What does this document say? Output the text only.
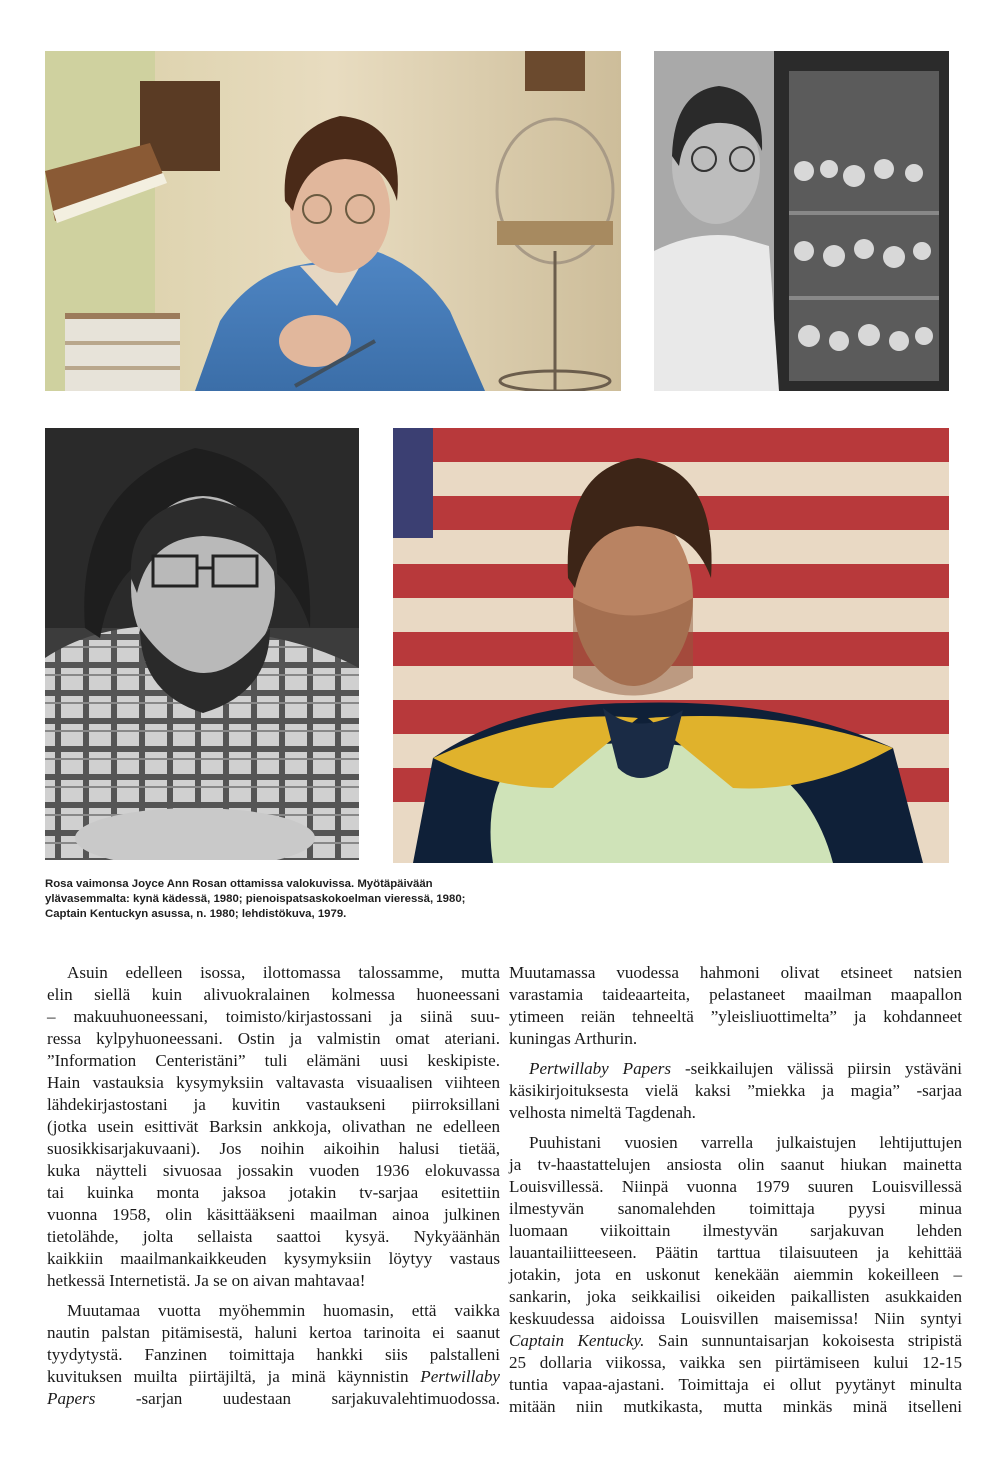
Rosa vaimonsa Joyce Ann Rosan ottamissa valokuvissa. Myötäpäivään
ylävasemmalta: kynä kädessä, 1980; pienoispatsaskokoelman vieressä, 1980;
Captain Kentuckyn asussa, n. 1980; lehdistökuva, 1979.

Asuin edelleen isossa, ilottomassa talossamme, mutta
elin siellä kuin alivuokralainen kolmessa huoneessani
– makuuhuoneessani, toimisto/kirjastossani ja siinä suu-
ressa kylpyhuoneessani. Ostin ja valmistin omat ateriani.
”Information Centeristäni” tuli elämäni uusi keskipiste.
Hain vastauksia kysymyksiin valtavasta visuaalisen viihteen
lähdekirjastostani ja kuvitin vastaukseni piirroksillani
(jotka usein esittivät Barksin ankkoja, olivathan ne edelleen
suosikkisarjakuvaani). Jos noihin aikoihin halusi tietää,
kuka näytteli sivuosaa jossakin vuoden 1936 elokuvassa
tai kuinka monta jaksoa jotakin tv-sarjaa esitettiin
vuonna 1958, olin käsittääkseni maailman ainoa julkinen
tietolähde, jolta sellaista saattoi kysyä. Nykyäänhän
kaikkiin maailmankaikkeuden kysymyksiin löytyy vastaus
hetkessä Internetistä. Ja se on aivan mahtavaa!

Muutamaa vuotta myöhemmin huomasin, että vaikka
nautin palstan pitämisestä, haluni kertoa tarinoita ei saanut
tyydytystä. Fanzinen toimittaja hankki siis palstalleni
kuvituksen muilta piirtäjiltä, ja minä käynnistin Pertwillaby
Papers -sarjan uudestaan sarjakuvalehtimuodossa.

Muutamassa vuodessa hahmoni olivat etsineet natsien
varastamia taideaarteita, pelastaneet maailman maapallon
ytimeen reiän tehneeltä ”yleisliuottimelta” ja kohdanneet
kuningas Arthurin.

Pertwillaby Papers -seikkailujen välissä piirsin ystäväni
käsikirjoituksesta vielä kaksi ”miekka ja magia” -sarjaa
velhosta nimeltä Tagdenah.

Puuhistani vuosien varrella julkaistujen lehtijuttujen
ja tv-haastattelujen ansiosta olin saanut hiukan mainetta
Louisvillessä. Niinpä vuonna 1979 suuren Louisvillessä
ilmestyvän sanomalehden toimittaja pyysi minua
luomaan viikoittain ilmestyvän sarjakuvan lehden
lauantailiitteeseen. Päätin tarttua tilaisuuteen ja kehittää
jotakin, jota en uskonut kenekään aiemmin kokeilleen –
sankarin, joka seikkailisi oikeiden paikallisten asukkaiden
keskuudessa aidoissa Louisvillen maisemissa! Niin syntyi
Captain Kentucky. Sain sunnuntaisarjan kokoisesta stripistä
25 dollaria viikossa, vaikka sen piirtämiseen kului 12-15
tuntia vapaa-ajastani. Toimittaja ei ollut pyytänyt minulta
mitään niin mutkikasta, mutta minkäs minä itselleni
